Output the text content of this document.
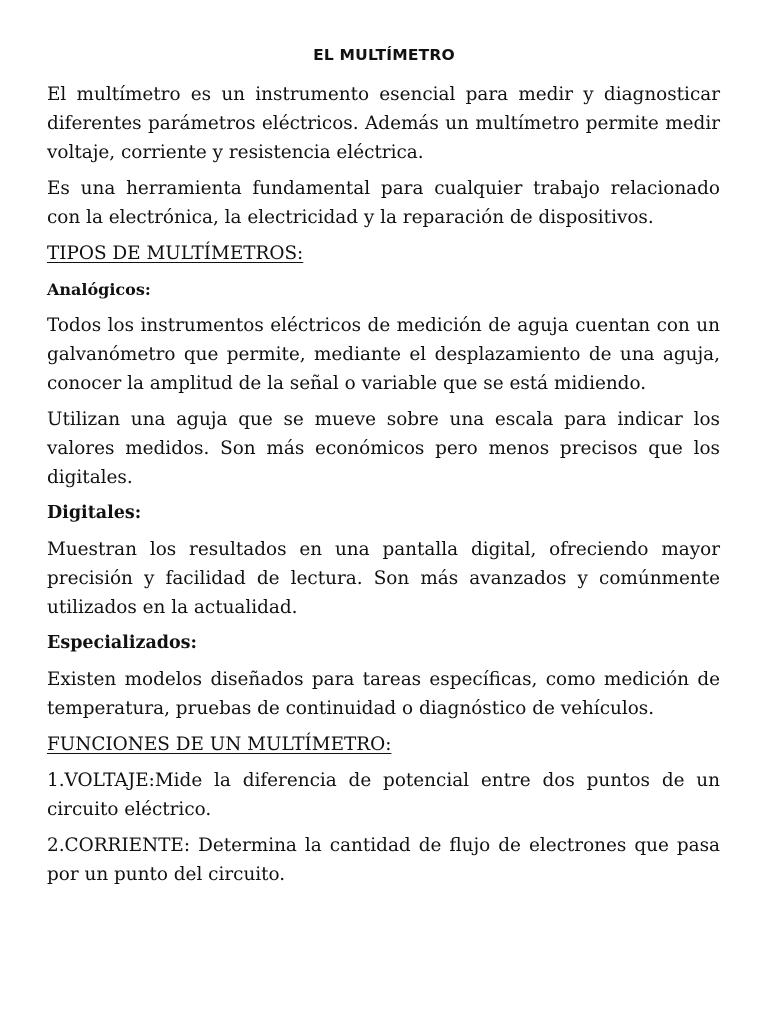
EL MULTÍMETRO

El multímetro es un instrumento esencial para medir y diagnosticar diferentes parámetros eléctricos. Además un multímetro permite medir voltaje, corriente y resistencia eléctrica.

Es una herramienta fundamental para cualquier trabajo relacionado con la electrónica, la electricidad y la reparación de dispositivos.

TIPOS DE MULTÍMETROS:

Analógicos:

Todos los instrumentos eléctricos de medición de aguja cuentan con un galvanómetro que permite, mediante el desplazamiento de una aguja, conocer la amplitud de la señal o variable que se está midiendo.

Utilizan una aguja que se mueve sobre una escala para indicar los valores medidos. Son más económicos pero menos precisos que los digitales.

Digitales:

Muestran los resultados en una pantalla digital, ofreciendo mayor precisión y facilidad de lectura. Son más avanzados y comúnmente utilizados en la actualidad.

Especializados:

Existen modelos diseñados para tareas específicas, como medición de temperatura, pruebas de continuidad o diagnóstico de vehículos.

FUNCIONES DE UN MULTÍMETRO:

1.VOLTAJE:Mide la diferencia de potencial entre dos puntos de un circuito eléctrico.

2.CORRIENTE: Determina la cantidad de flujo de electrones que pasa por un punto del circuito.
